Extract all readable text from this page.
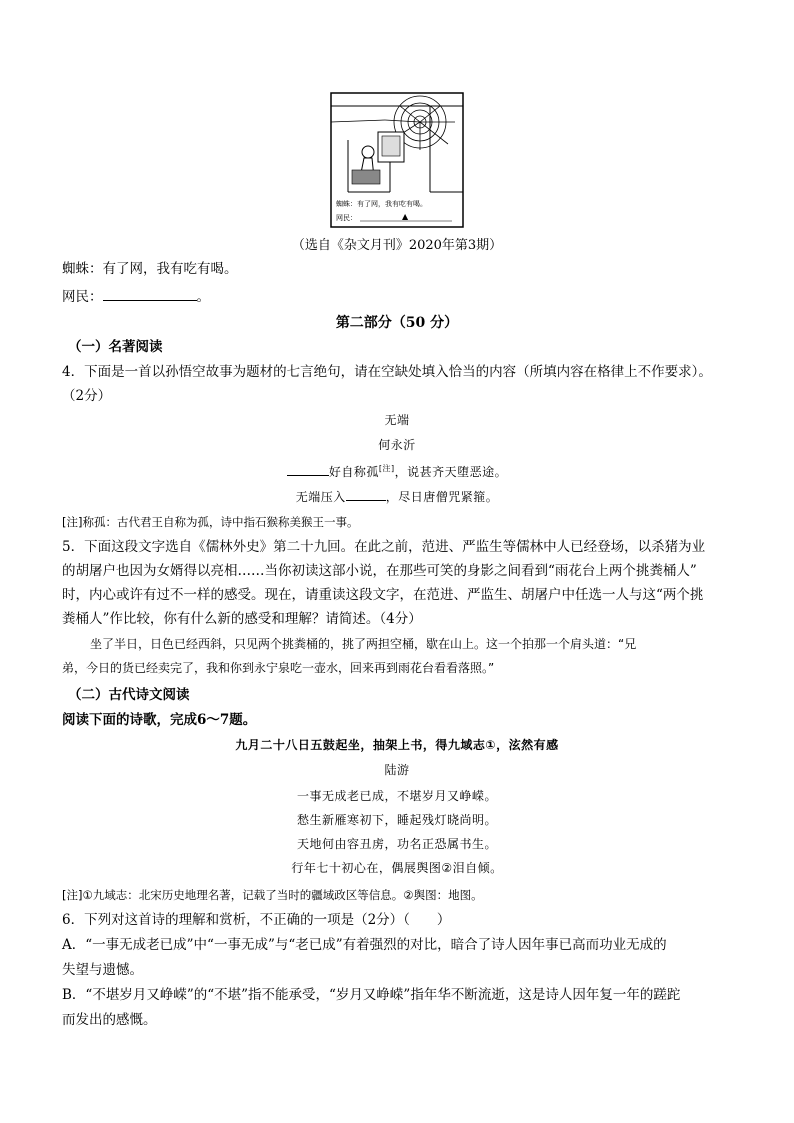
蜘蛛：有了网，我有吃有喝。
网民：	▲
（选自《杂文月刊》2020年第3期）
蜘蛛：有了网，我有吃有喝。
网民：	。
第二部分（50 分）
（一）名著阅读
4．下面是一首以孙悟空故事为题材的七言绝句，请在空缺处填入恰当的内容（所填内容在格律上不作要求）。
（2分）
无端
何永沂
好自称孤[注]，说甚齐天堕恶途。
无端压入	，尽日唐僧咒紧箍。
[注]称孤：古代君王自称为孤，诗中指石猴称美猴王一事。
5．下面这段文字选自《儒林外史》第二十九回。在此之前，范进、严监生等儒林中人已经登场，以杀猪为业
的胡屠户也因为女婿得以亮相……当你初读这部小说，在那些可笑的身影之间看到“雨花台上两个挑粪桶人”
时，内心或许有过不一样的感受。现在，请重读这段文字，在范进、严监生、胡屠户中任选一人与这“两个挑
粪桶人”作比较，你有什么新的感受和理解？请简述。（4分）
坐了半日，日色已经西斜，只见两个挑粪桶的，挑了两担空桶，歇在山上。这一个拍那一个肩头道：“兄
弟，今日的货已经卖完了，我和你到永宁泉吃一壶水，回来再到雨花台看看落照。”
（二）古代诗文阅读
阅读下面的诗歌，完成6～7题。
九月二十八日五鼓起坐，抽架上书，得九域志①，泫然有感
陆游
一事无成老已成，不堪岁月又峥嵘。
愁生新雁寒初下，睡起残灯晓尚明。
天地何由容丑虏，功名正恐属书生。
行年七十初心在，偶展舆图②泪自倾。
[注]①九域志：北宋历史地理名著，记载了当时的疆域政区等信息。②舆图：地图。
6．下列对这首诗的理解和赏析，不正确的一项是（2分）（　　）
A．“一事无成老已成”中“一事无成”与“老已成”有着强烈的对比，暗合了诗人因年事已高而功业无成的
失望与遗憾。
B．“不堪岁月又峥嵘”的“不堪”指不能承受，“岁月又峥嵘”指年华不断流逝，这是诗人因年复一年的蹉跎
而发出的感慨。
